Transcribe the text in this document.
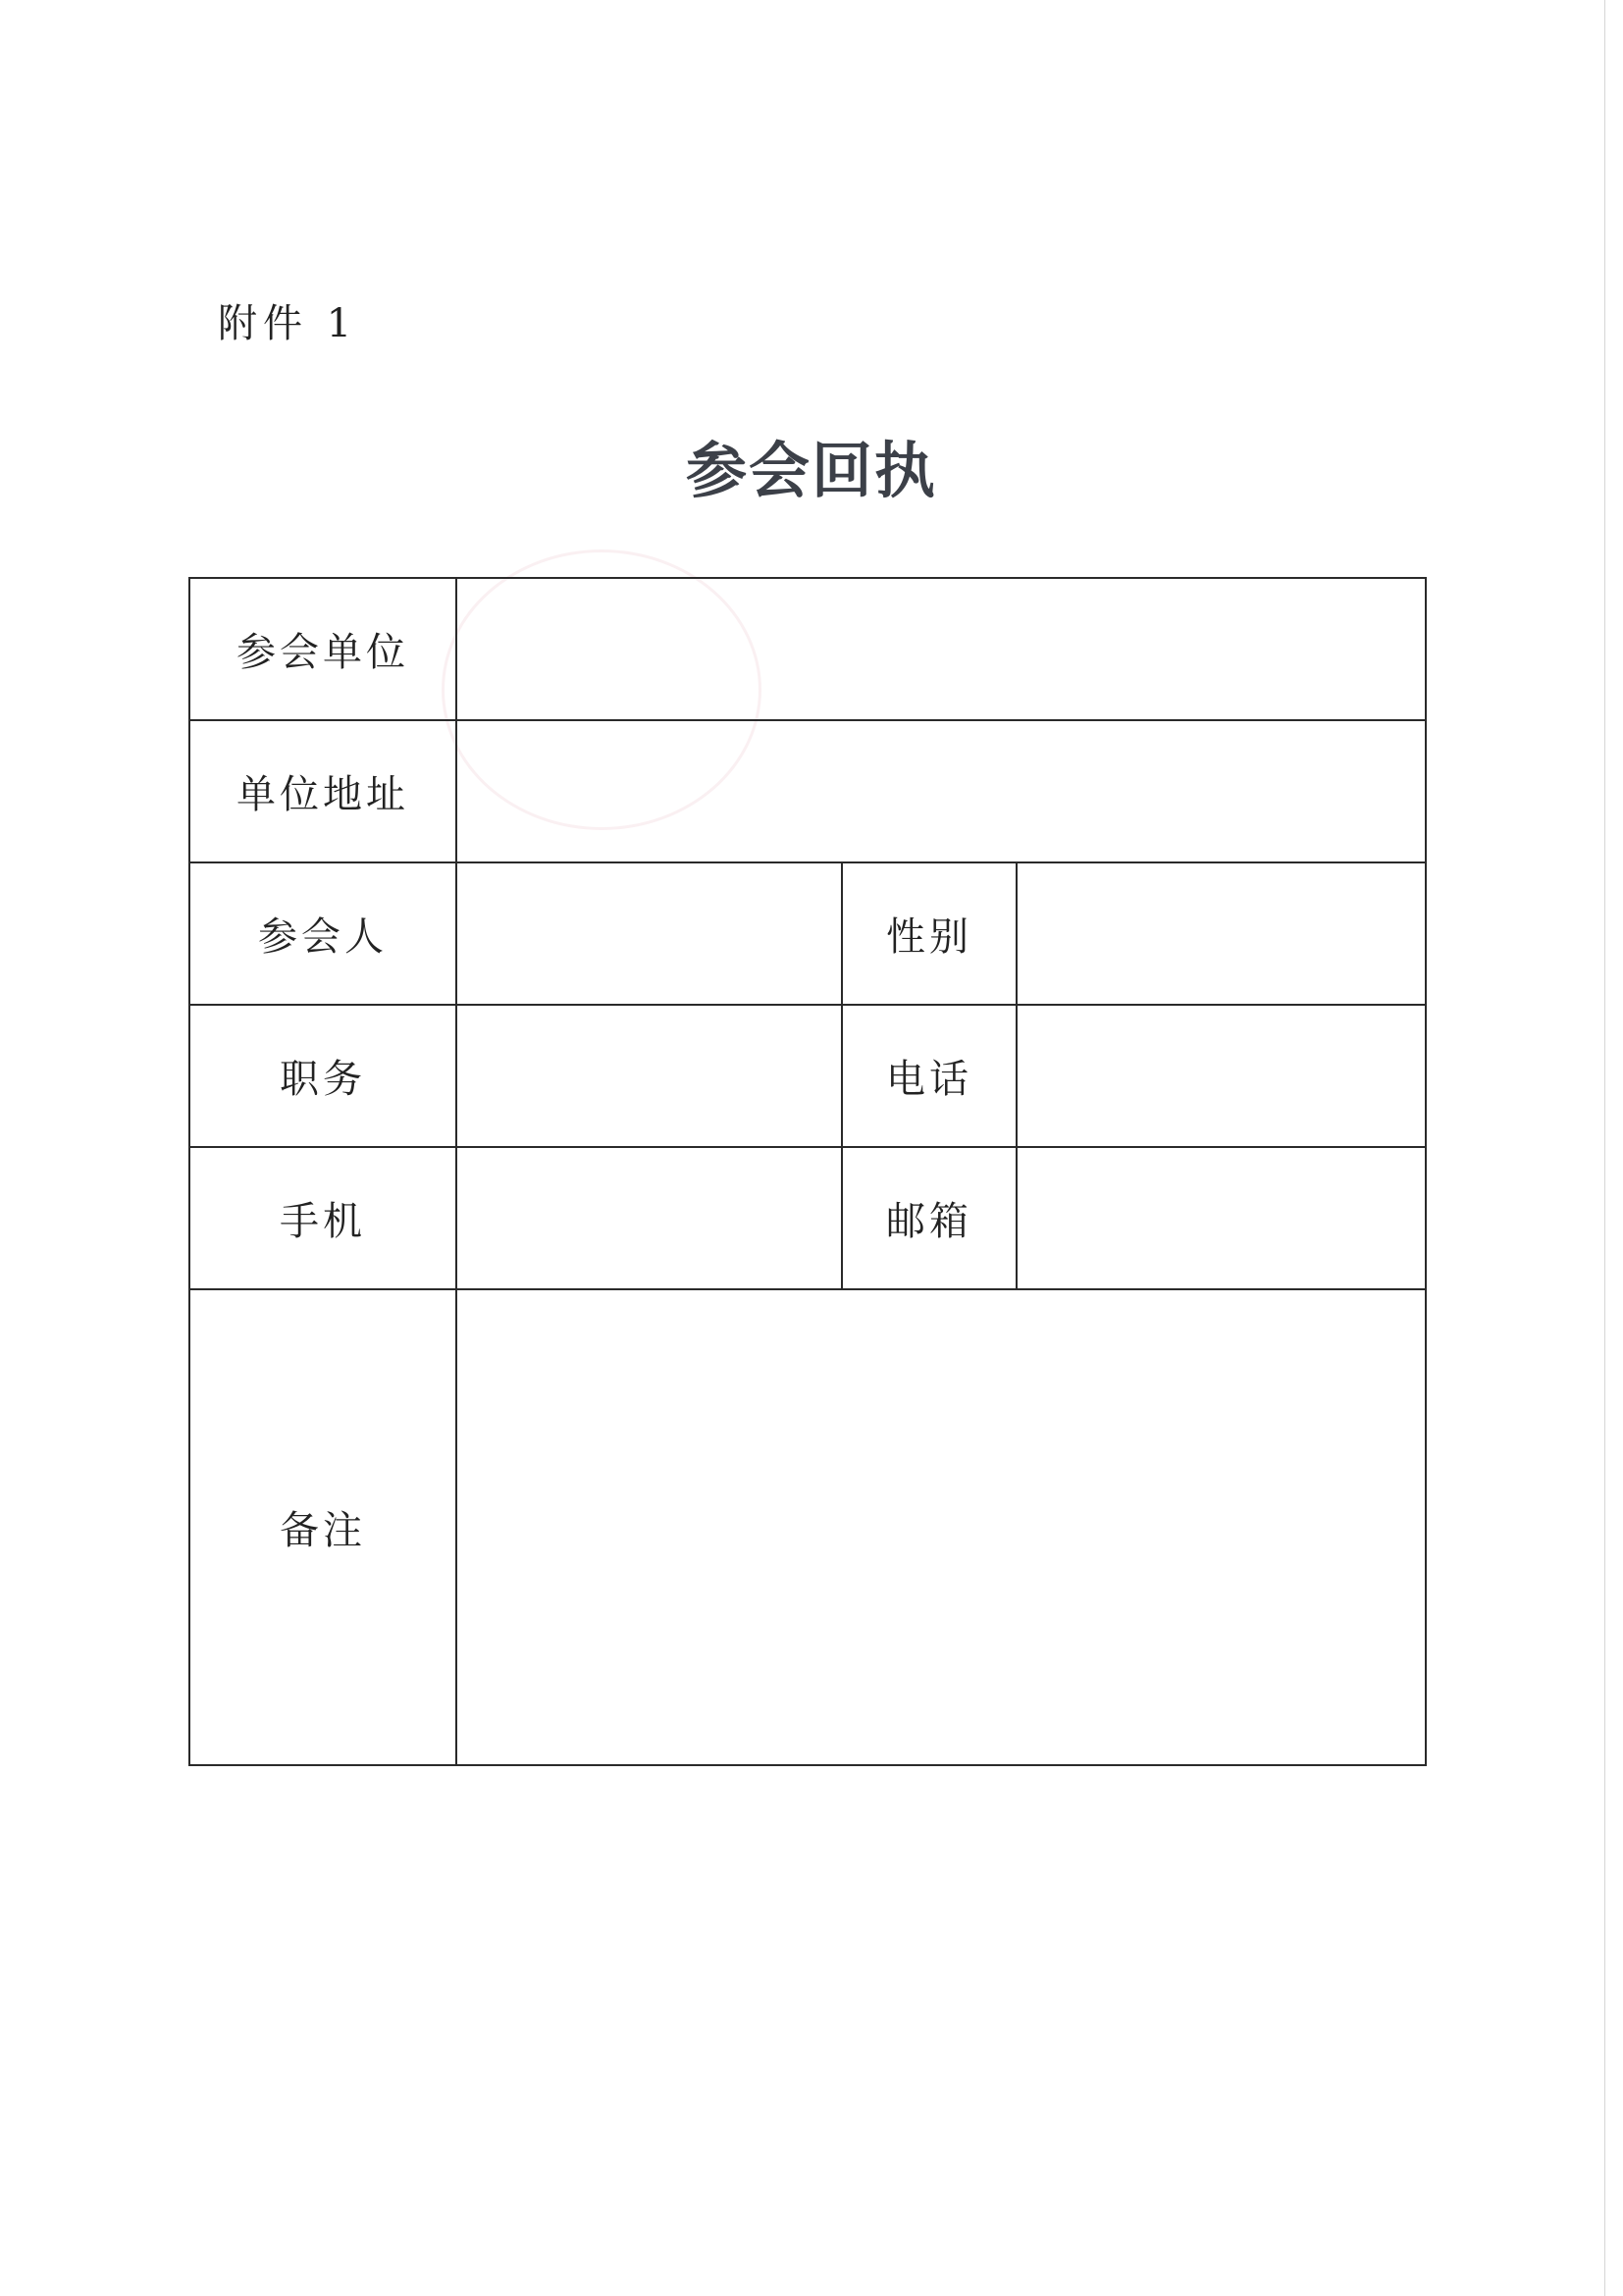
附件 1
参会回执
参会单位			
单位地址			
参会人		性别	
职务		电话	
手机		邮箱	
备注			
